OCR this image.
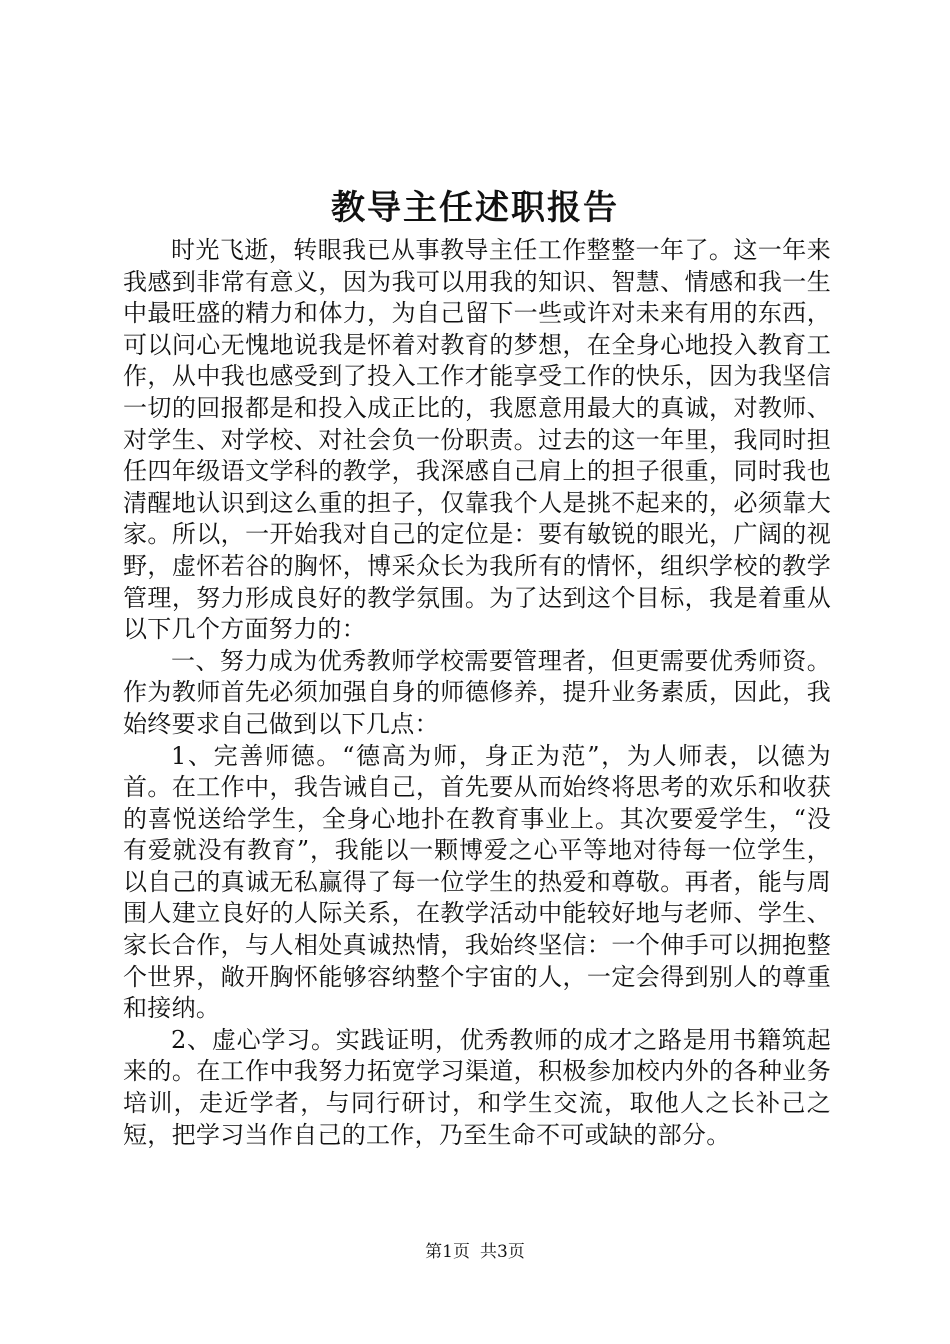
教导主任述职报告

时光飞逝，转眼我已从事教导主任工作整整一年了。这一年来我感到非常有意义，因为我可以用我的知识、智慧、情感和我一生中最旺盛的精力和体力，为自己留下一些或许对未来有用的东西，可以问心无愧地说我是怀着对教育的梦想，在全身心地投入教育工作，从中我也感受到了投入工作才能享受工作的快乐，因为我坚信一切的回报都是和投入成正比的，我愿意用最大的真诚，对教师、对学生、对学校、对社会负一份职责。过去的这一年里，我同时担任四年级语文学科的教学，我深感自己肩上的担子很重，同时我也清醒地认识到这么重的担子，仅靠我个人是挑不起来的，必须靠大家。所以，一开始我对自己的定位是：要有敏锐的眼光，广阔的视野，虚怀若谷的胸怀，博采众长为我所有的情怀，组织学校的教学管理，努力形成良好的教学氛围。为了达到这个目标，我是着重从以下几个方面努力的：

一、努力成为优秀教师学校需要管理者，但更需要优秀师资。作为教师首先必须加强自身的师德修养，提升业务素质，因此，我始终要求自己做到以下几点：

1、完善师德。“德高为师，身正为范”，为人师表，以德为首。在工作中，我告诫自己，首先要从而始终将思考的欢乐和收获的喜悦送给学生，全身心地扑在教育事业上。其次要爱学生，“没有爱就没有教育”，我能以一颗博爱之心平等地对待每一位学生，以自己的真诚无私赢得了每一位学生的热爱和尊敬。再者，能与周围人建立良好的人际关系，在教学活动中能较好地与老师、学生、家长合作，与人相处真诚热情，我始终坚信：一个伸手可以拥抱整个世界，敞开胸怀能够容纳整个宇宙的人，一定会得到别人的尊重和接纳。

2、虚心学习。实践证明，优秀教师的成才之路是用书籍筑起来的。在工作中我努力拓宽学习渠道，积极参加校内外的各种业务培训，走近学者，与同行研讨，和学生交流，取他人之长补己之短，把学习当作自己的工作，乃至生命不可或缺的部分。

第1页 共3页
